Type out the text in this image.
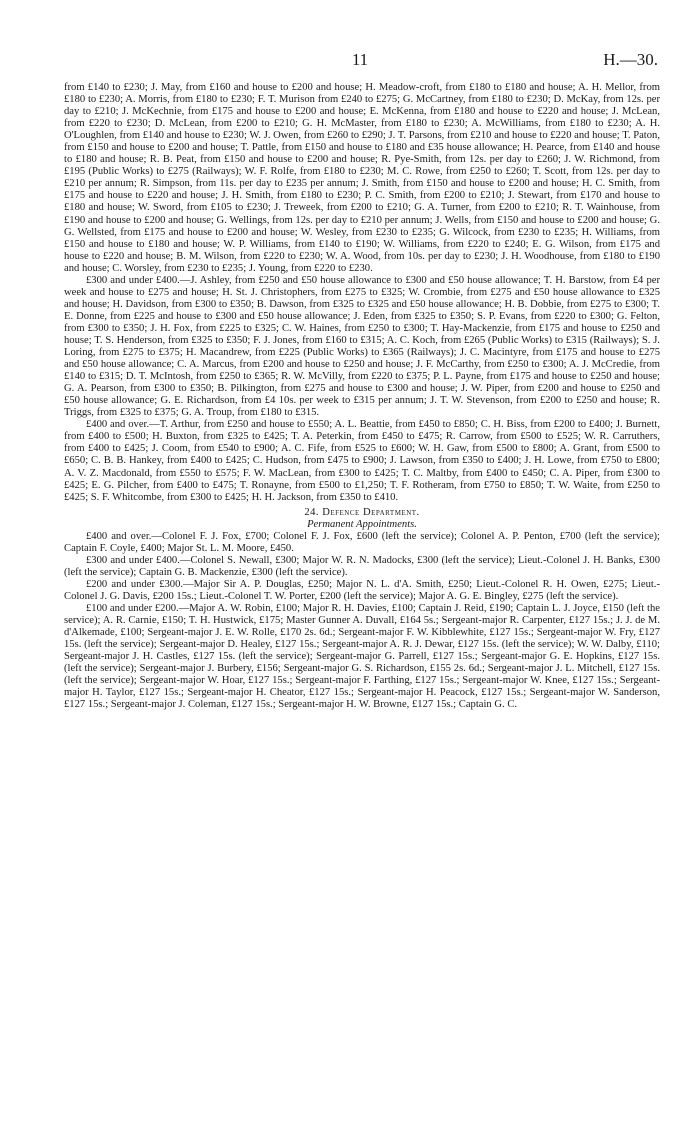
11	H.—30.

from £140 to £230; J. May, from £160 and house to £200 and house; H. Meadow-croft, from £180 to £180 and house; A. H. Mellor, from £180 to £230; A. Morris, from £180 to £230; F. T. Murison from £240 to £275; G. McCartney, from £180 to £230; D. McKay, from 12s. per day to £210; J. McKechnie, from £175 and house to £200 and house; E. McKenna, from £180 and house to £220 and house; J. McLean, from £220 to £230; D. McLean, from £200 to £210; G. H. McMaster, from £180 to £230; A. McWilliams, from £180 to £230; A. H. O'Loughlen, from £140 and house to £230; W. J. Owen, from £260 to £290; J. T. Parsons, from £210 and house to £220 and house; T. Paton, from £150 and house to £200 and house; T. Pattle, from £150 and house to £180 and £35 house allowance; H. Pearce, from £140 and house to £180 and house; R. B. Peat, from £150 and house to £200 and house; R. Pye-Smith, from 12s. per day to £260; J. W. Richmond, from £195 (Public Works) to £275 (Railways); W. F. Rolfe, from £180 to £230; M. C. Rowe, from £250 to £260; T. Scott, from 12s. per day to £210 per annum; R. Simpson, from 11s. per day to £235 per annum; J. Smith, from £150 and house to £200 and house; H. C. Smith, from £175 and house to £220 and house; J. H. Smith, from £180 to £230; P. C. Smith, from £200 to £210; J. Stewart, from £170 and house to £180 and house; W. Sword, from £105 to £230; J. Treweek, from £200 to £210; G. A. Turner, from £200 to £210; R. T. Wainhouse, from £190 and house to £200 and house; G. Wellings, from 12s. per day to £210 per annum; J. Wells, from £150 and house to £200 and house; G. G. Wellsted, from £175 and house to £200 and house; W. Wesley, from £230 to £235; G. Wilcock, from £230 to £235; H. Williams, from £150 and house to £180 and house; W. P. Williams, from £140 to £190; W. Williams, from £220 to £240; E. G. Wilson, from £175 and house to £220 and house; B. M. Wilson, from £220 to £230; W. A. Wood, from 10s. per day to £230; J. H. Woodhouse, from £180 to £190 and house; C. Worsley, from £230 to £235; J. Young, from £220 to £230.

£300 and under £400.—J. Ashley, from £250 and £50 house allowance to £300 and £50 house allowance; T. H. Barstow, from £4 per week and house to £275 and house; H. St. J. Christophers, from £275 to £325; W. Crombie, from £275 and £50 house allowance to £325 and house; H. Davidson, from £300 to £350; B. Dawson, from £325 to £325 and £50 house allowance; H. B. Dobbie, from £275 to £300; T. E. Donne, from £225 and house to £300 and £50 house allowance; J. Eden, from £325 to £350; S. P. Evans, from £220 to £300; G. Felton, from £300 to £350; J. H. Fox, from £225 to £325; C. W. Haines, from £250 to £300; T. Hay-Mackenzie, from £175 and house to £250 and house; T. S. Henderson, from £325 to £350; F. J. Jones, from £160 to £315; A. C. Koch, from £265 (Public Works) to £315 (Railways); S. J. Loring, from £275 to £375; H. Macandrew, from £225 (Public Works) to £365 (Railways); J. C. Macintyre, from £175 and house to £275 and £50 house allowance; C. A. Marcus, from £200 and house to £250 and house; J. F. McCarthy, from £250 to £300; A. J. McCredie, from £140 to £315; D. T. McIntosh, from £250 to £365; R. W. McVilly, from £220 to £375; P. L. Payne, from £175 and house to £250 and house; G. A. Pearson, from £300 to £350; B. Pilkington, from £275 and house to £300 and house; J. W. Piper, from £200 and house to £250 and £50 house allowance; G. E. Richardson, from £4 10s. per week to £315 per annum; J. T. W. Stevenson, from £200 to £250 and house; R. Triggs, from £325 to £375; G. A. Troup, from £180 to £315.

£400 and over.—T. Arthur, from £250 and house to £550; A. L. Beattie, from £450 to £850; C. H. Biss, from £200 to £400; J. Burnett, from £400 to £500; H. Buxton, from £325 to £425; T. A. Peterkin, from £450 to £475; R. Carrow, from £500 to £525; W. R. Carruthers, from £400 to £425; J. Coom, from £540 to £900; A. C. Fife, from £525 to £600; W. H. Gaw, from £500 to £800; A. Grant, from £500 to £650; C. B. B. Hankey, from £400 to £425; C. Hudson, from £475 to £900; J. Lawson, from £350 to £400; J. H. Lowe, from £750 to £800; A. V. Z. Macdonald, from £550 to £575; F. W. MacLean, from £300 to £425; T. C. Maltby, from £400 to £450; C. A. Piper, from £300 to £425; E. G. Pilcher, from £400 to £475; T. Ronayne, from £500 to £1,250; T. F. Rotheram, from £750 to £850; T. W. Waite, from £250 to £425; S. F. Whitcombe, from £300 to £425; H. H. Jackson, from £350 to £410.

24. Defence Department.

Permanent Appointments.

£400 and over.—Colonel F. J. Fox, £700; Colonel F. J. Fox, £600 (left the service); Colonel A. P. Penton, £700 (left the service); Captain F. Coyle, £400; Major St. L. M. Moore, £450.

£300 and under £400.—Colonel S. Newall, £300; Major W. R. N. Madocks, £300 (left the service); Lieut.-Colonel J. H. Banks, £300 (left the service); Captain G. B. Mackenzie, £300 (left the service).

£200 and under £300.—Major Sir A. P. Douglas, £250; Major N. L. d'A. Smith, £250; Lieut.-Colonel R. H. Owen, £275; Lieut.-Colonel J. G. Davis, £200 15s.; Lieut.-Colonel T. W. Porter, £200 (left the service); Major A. G. E. Bingley, £275 (left the service).

£100 and under £200.—Major A. W. Robin, £100; Major R. H. Davies, £100; Captain J. Reid, £190; Captain L. J. Joyce, £150 (left the service); A. R. Carnie, £150; T. H. Hustwick, £175; Master Gunner A. Duvall, £164 5s.; Sergeant-major R. Carpenter, £127 15s.; J. J. de M. d'Alkemade, £100; Sergeant-major J. E. W. Rolle, £170 2s. 6d.; Sergeant-major F. W. Kibblewhite, £127 15s.; Sergeant-major W. Fry, £127 15s. (left the service); Sergeant-major D. Healey, £127 15s.; Sergeant-major A. R. J. Dewar, £127 15s. (left the service); W. W. Dalby, £110; Sergeant-major J. H. Castles, £127 15s. (left the service); Sergeant-major G. Parrell, £127 15s.; Sergeant-major G. E. Hopkins, £127 15s. (left the service); Sergeant-major J. Burbery, £156; Sergeant-major G. S. Richardson, £155 2s. 6d.; Sergeant-major J. L. Mitchell, £127 15s. (left the service); Sergeant-major W. Hoar, £127 15s.; Sergeant-major F. Farthing, £127 15s.; Sergeant-major W. Knee, £127 15s.; Sergeant-major H. Taylor, £127 15s.; Sergeant-major H. Cheator, £127 15s.; Sergeant-major H. Peacock, £127 15s.; Sergeant-major W. Sanderson, £127 15s.; Sergeant-major J. Coleman, £127 15s.; Sergeant-major H. W. Browne, £127 15s.; Captain G. C.
